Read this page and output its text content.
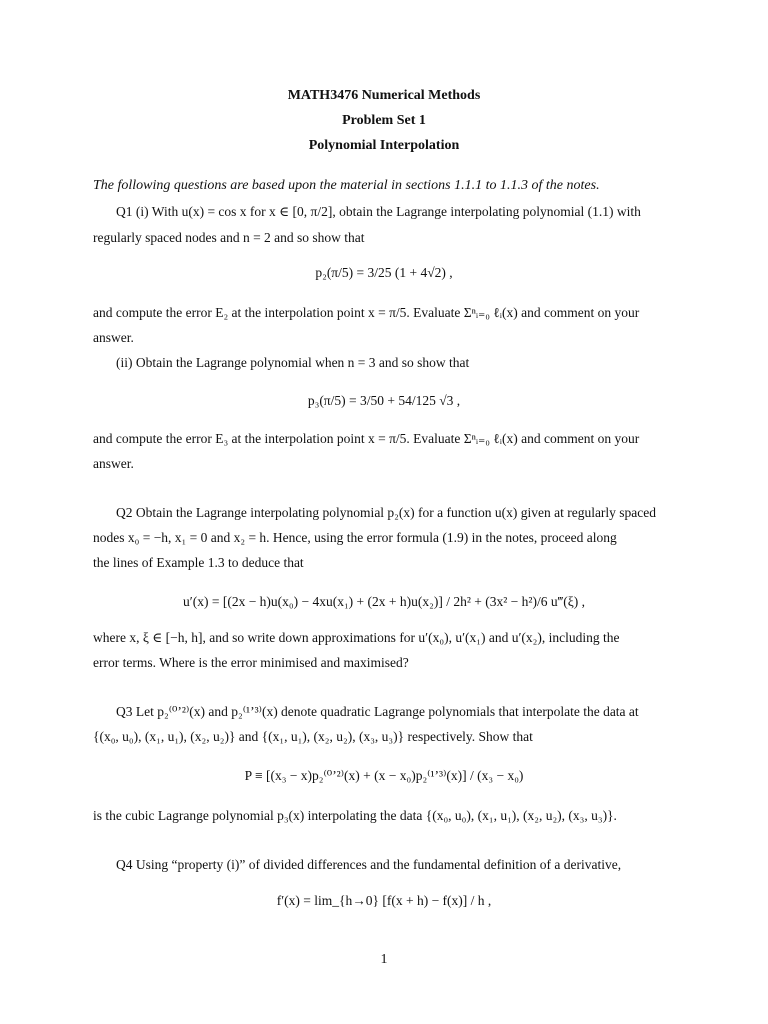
MATH3476 Numerical Methods
Problem Set 1
Polynomial Interpolation
The following questions are based upon the material in sections 1.1.1 to 1.1.3 of the notes.
Q1 (i) With u(x) = cos x for x ∈ [0, π/2], obtain the Lagrange interpolating polynomial (1.1) with
regularly spaced nodes and n = 2 and so show that
p₂(π/5) = 3/25 (1 + 4√2) ,
and compute the error E₂ at the interpolation point x = π/5. Evaluate Σⁿᵢ₌₀ ℓᵢ(x) and comment on your
answer.
(ii) Obtain the Lagrange polynomial when n = 3 and so show that
p₃(π/5) = 3/50 + 54/125 √3 ,
and compute the error E₃ at the interpolation point x = π/5. Evaluate Σⁿᵢ₌₀ ℓᵢ(x) and comment on your
answer.
Q2 Obtain the Lagrange interpolating polynomial p₂(x) for a function u(x) given at regularly spaced
nodes x₀ = −h, x₁ = 0 and x₂ = h. Hence, using the error formula (1.9) in the notes, proceed along
the lines of Example 1.3 to deduce that
u′(x) = [(2x − h)u(x₀) − 4xu(x₁) + (2x + h)u(x₂)] / 2h² + (3x² − h²)/6 u‴(ξ) ,
where x, ξ ∈ [−h, h], and so write down approximations for u′(x₀), u′(x₁) and u′(x₂), including the
error terms. Where is the error minimised and maximised?
Q3 Let p₂⁽⁰ʼ²⁾(x) and p₂⁽¹ʼ³⁾(x) denote quadratic Lagrange polynomials that interpolate the data at
{(x₀, u₀), (x₁, u₁), (x₂, u₂)} and {(x₁, u₁), (x₂, u₂), (x₃, u₃)} respectively. Show that
P ≡ [(x₃ − x)p₂⁽⁰ʼ²⁾(x) + (x − x₀)p₂⁽¹ʼ³⁾(x)] / (x₃ − x₀)
is the cubic Lagrange polynomial p₃(x) interpolating the data {(x₀, u₀), (x₁, u₁), (x₂, u₂), (x₃, u₃)}.
Q4 Using “property (i)” of divided differences and the fundamental definition of a derivative,
f′(x) = lim_{h→0} [f(x + h) − f(x)] / h ,
1
